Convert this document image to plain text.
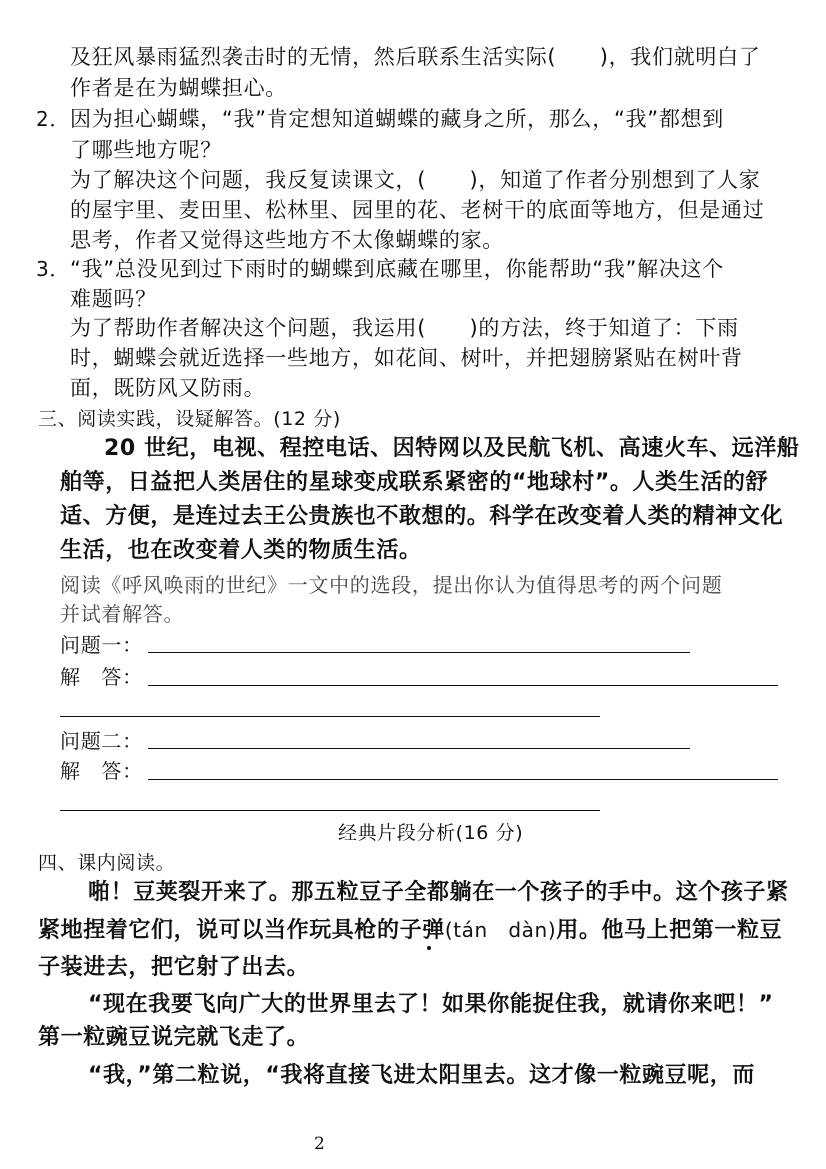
及狂风暴雨猛烈袭击时的无情，然后联系生活实际(　　)，我们就明白了
作者是在为蝴蝶担心。
2． 因为担心蝴蝶，“我”肯定想知道蝴蝶的藏身之所，那么，“我”都想到
了哪些地方呢？
为了解决这个问题，我反复读课文，(　　)，知道了作者分别想到了人家
的屋宇里、麦田里、松林里、园里的花、老树干的底面等地方，但是通过
思考，作者又觉得这些地方不太像蝴蝶的家。
3． “我”总没见到过下雨时的蝴蝶到底藏在哪里，你能帮助“我”解决这个
难题吗？
为了帮助作者解决这个问题，我运用(　　)的方法，终于知道了：下雨
时，蝴蝶会就近选择一些地方，如花间、树叶，并把翅膀紧贴在树叶背
面，既防风又防雨。
三、阅读实践，设疑解答。(12 分)
20 世纪，电视、程控电话、因特网以及民航飞机、高速火车、远洋船
舶等，日益把人类居住的星球变成联系紧密的“地球村”。人类生活的舒
适、方便，是连过去王公贵族也不敢想的。科学在改变着人类的精神文化
生活，也在改变着人类的物质生活。
阅读《呼风唤雨的世纪》一文中的选段，提出你认为值得思考的两个问题
并试着解答。
问题一：
解　答：
问题二：
解　答：
经典片段分析(16 分)
四、课内阅读。
啪！豆荚裂开来了。那五粒豆子全都躺在一个孩子的手中。这个孩子紧
紧地捏着它们，说可以当作玩具枪的子弹(tán　dàn)用。他马上把第一粒豆
子装进去，把它射了出去。
“现在我要飞向广大的世界里去了！如果你能捉住我，就请你来吧！”
第一粒豌豆说完就飞走了。
“我，”第二粒说，“我将直接飞进太阳里去。这才像一粒豌豆呢，而
2
